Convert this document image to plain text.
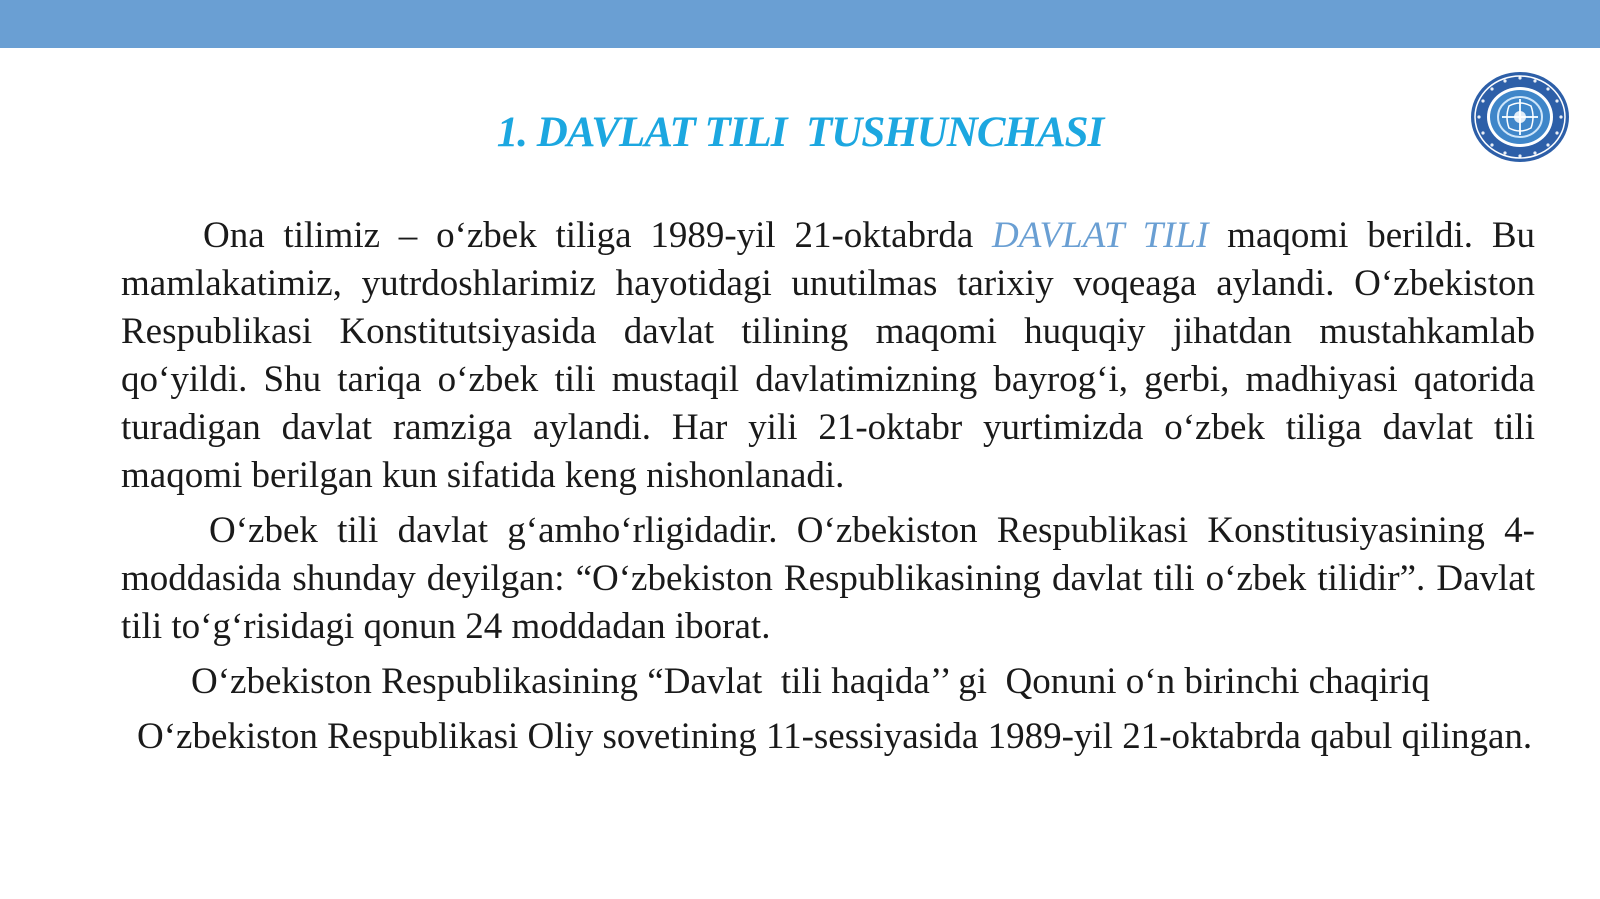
1. DAVLAT TILI  TUSHUNCHASI

Ona tilimiz – o‘zbek tiliga 1989-yil 21-oktabrda DAVLAT TILI maqomi berildi. Bu mamlakatimiz, yutrdoshlarimiz hayotidagi unutilmas tarixiy voqeaga aylandi. O‘zbekiston Respublikasi Konstitutsiyasida davlat tilining maqomi huquqiy jihatdan mustahkamlab qo‘yildi. Shu tariqa o‘zbek tili mustaqil davlatimizning bayrog‘i, gerbi, madhiyasi qatorida turadigan davlat ramziga aylandi. Har yili 21-oktabr yurtimizda o‘zbek tiliga davlat tili maqomi berilgan kun sifatida keng nishonlanadi.

O‘zbek tili davlat g‘amho‘rligidadir. O‘zbekiston Respublikasi Konstitusiyasining 4-moddasida shunday deyilgan: “O‘zbekiston Respublikasining davlat tili o‘zbek tilidir”. Davlat tili to‘g‘risidagi qonun 24 moddadan iborat.

O‘zbekiston Respublikasining “Davlat  tili haqida’’ gi  Qonuni o‘n birinchi chaqiriq

O‘zbekiston Respublikasi Oliy sovetining 11-sessiyasida 1989-yil 21-oktabrda qabul qilingan.
